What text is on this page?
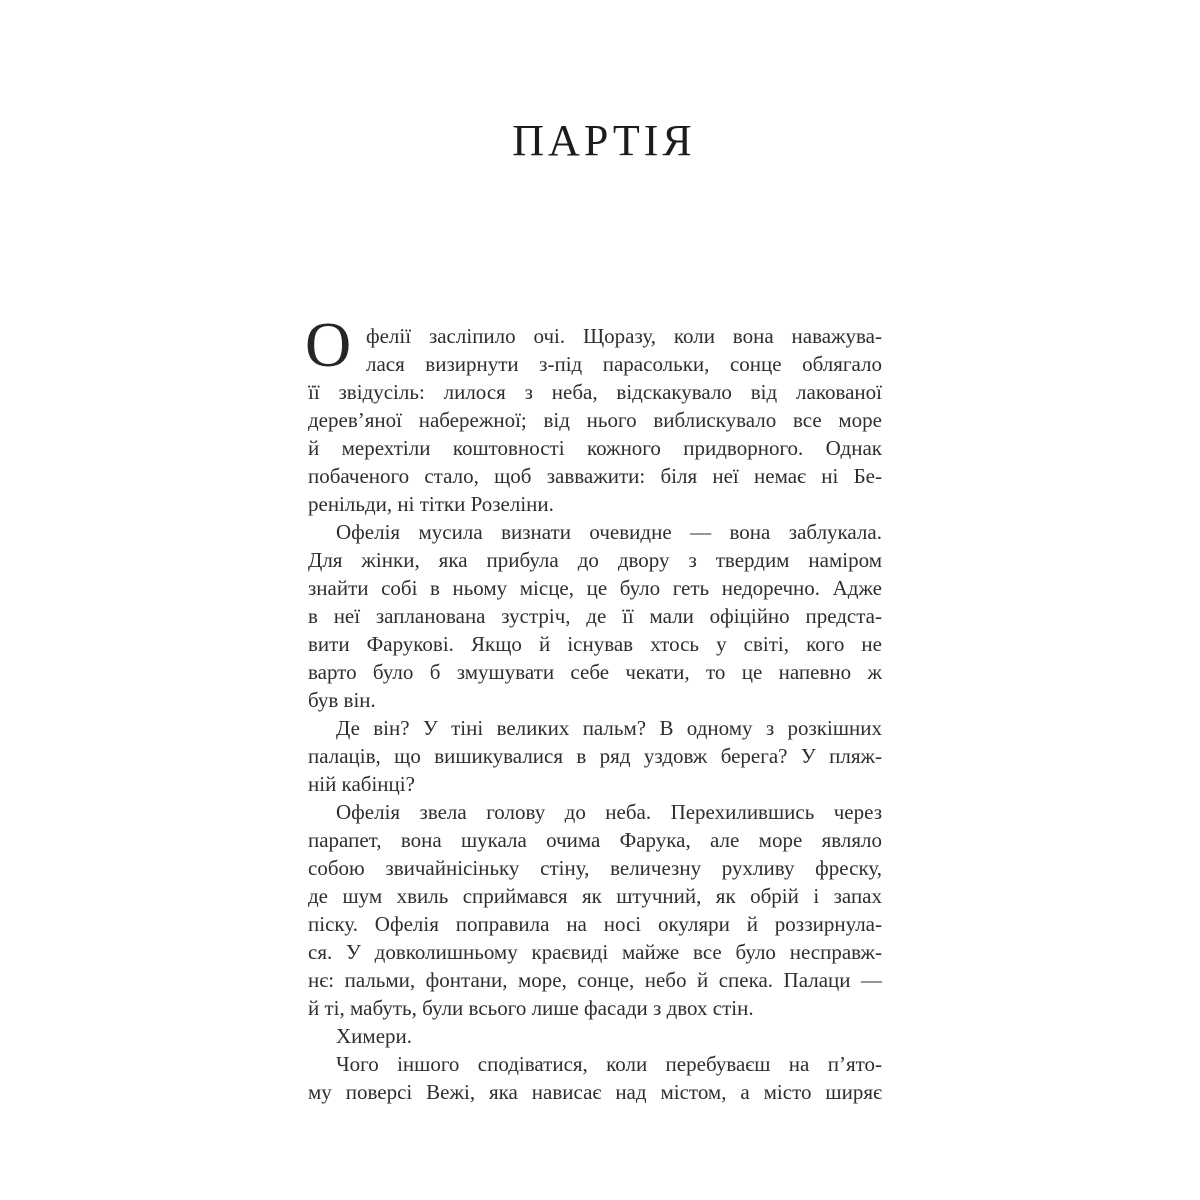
ПАРТІЯ
О фелії засліпило очі. Щоразу, коли вона наважува-
лася визирнути з-під парасольки, сонце облягало
її звідусіль: лилося з неба, відскакувало від лакованої
дерев’яної набережної; від нього виблискувало все море
й мерехтіли коштовності кожного придворного. Однак
побаченого стало, щоб завважити: біля неї немає ні Бе-
ренільди, ні тітки Розеліни.
Офелія мусила визнати очевидне — вона заблукала.
Для жінки, яка прибула до двору з твердим наміром
знайти собі в ньому місце, це було геть недоречно. Адже
в неї запланована зустріч, де її мали офіційно предста-
вити Фарукові. Якщо й існував хтось у світі, кого не
варто було б змушувати себе чекати, то це напевно ж
був він.
Де він? У тіні великих пальм? В одному з розкішних
палаців, що вишикувалися в ряд уздовж берега? У пляж-
ній кабінці?
Офелія звела голову до неба. Перехилившись через
парапет, вона шукала очима Фарука, але море являло
собою звичайнісіньку стіну, величезну рухливу фреску,
де шум хвиль сприймався як штучний, як обрій і запах
піску. Офелія поправила на носі окуляри й роззирнула-
ся. У довколишньому краєвиді майже все було несправж-
нє: пальми, фонтани, море, сонце, небо й спека. Палаци —
й ті, мабуть, були всього лише фасади з двох стін.
Химери.
Чого іншого сподіватися, коли перебуваєш на п’ято-
му поверсі Вежі, яка нависає над містом, а місто ширяє
